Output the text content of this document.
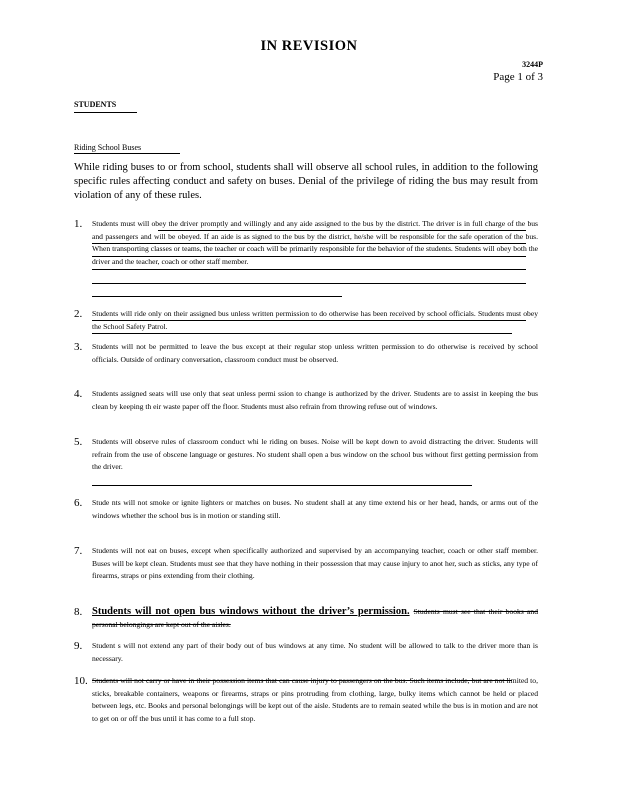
IN REVISION
3244P
Page 1 of 3
STUDENTS
Riding School Buses
While riding buses to or from school, students shall will observe all school rules, in addition to the following specific rules affecting conduct and safety on buses. Denial of the privilege of riding the bus may result from violation of any of these rules.
1. Students must will obey the driver promptly and willingly and any aide assigned to the bus by the district. The driver is in full charge of the bus and passengers and will be obeyed. If an aide is as signed to the bus by the district, he/she will be responsible for the safe operation of the bus. When transporting classes or teams, the teacher or coach will be primarily responsible for the behavior of the students. Students will obey both the driver and the teacher, coach or other staff member.
2. Students will ride only on their assigned bus unless written permission to do otherwise has been received by school officials. Students must obey the School Safety Patrol.
3. Students will not be permitted to leave the bus except at their regular stop unless written permission to do otherwise is received by school officials. Outside of ordinary conversation, classroom conduct must be observed.
4. Students assigned seats will use only that seat unless permi ssion to change is authorized by the driver. Students are to assist in keeping the bus clean by keeping th eir waste paper off the floor. Students must also refrain from throwing refuse out of windows.
5. Students will observe rules of classroom conduct whi le riding on buses. Noise will be kept down to avoid distracting the driver. Students will refrain from the use of obscene language or gestures. No student shall open a bus window on the school bus without first getting permission from the driver.
6. Stude nts will not smoke or ignite lighters or matches on buses. No student shall at any time extend his or her head, hands, or arms out of the windows whether the school bus is in motion or standing still.
7. Students will not eat on buses, except when specifically authorized and supervised by an accompanying teacher, coach or other staff member. Buses will be kept clean. Students must see that they have nothing in their possession that may cause injury to anot her, such as sticks, any type of firearms, straps or pins extending from their clothing.
8. Students will not open bus windows without the driver’s permission. Students must see that their books and personal belongings are kept out of the aisles.
9. Student s will not extend any part of their body out of bus windows at any time. No student will be allowed to talk to the driver more than is necessary.
10. Students will not carry or have in their possession items that can cause injury to passengers on the bus. Such items include, but are not limited to, sticks, breakable containers, weapons or firearms, straps or pins protruding from clothing, large, bulky items which cannot be held or placed between legs, etc. Books and personal belongings will be kept out of the aisle. Students are to remain seated while the bus is in motion and are not to get on or off the bus until it has come to a full stop.
